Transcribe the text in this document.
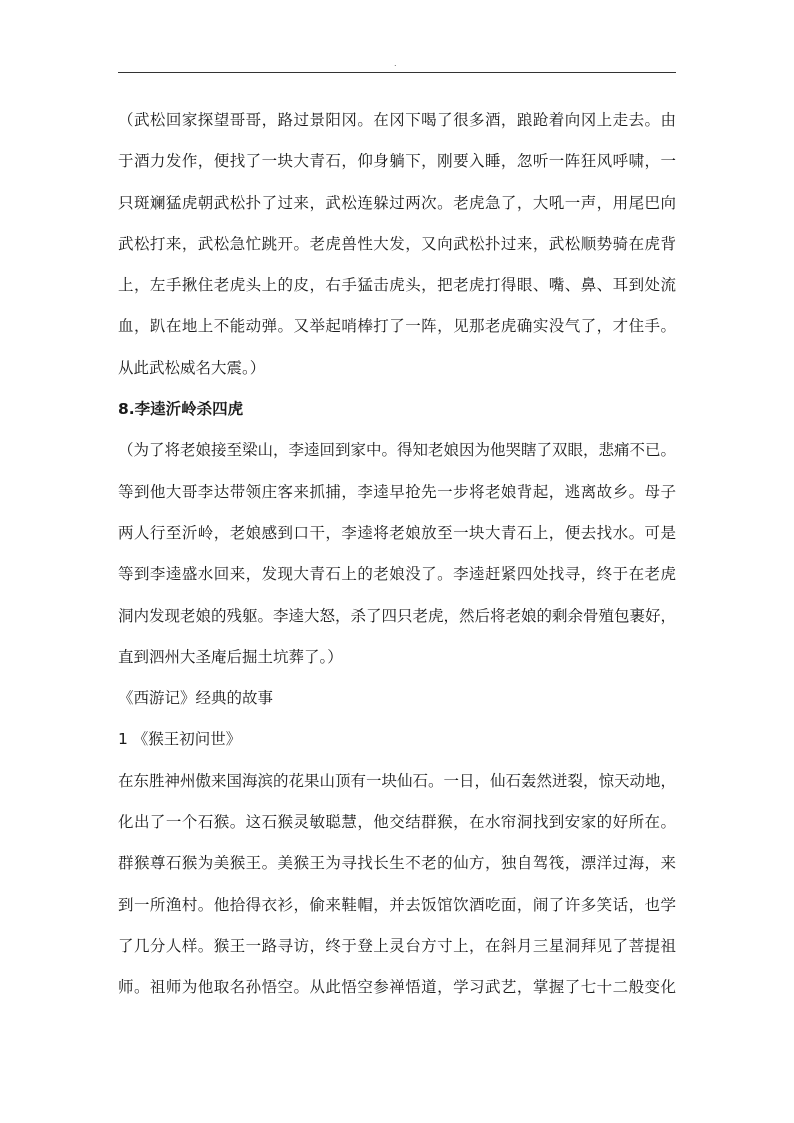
.
（武松回家探望哥哥，路过景阳冈。在冈下喝了很多酒，踉跄着向冈上走去。由
于酒力发作，便找了一块大青石，仰身躺下，刚要入睡，忽听一阵狂风呼啸，一
只斑斓猛虎朝武松扑了过来，武松连躲过两次。老虎急了，大吼一声，用尾巴向
武松打来，武松急忙跳开。老虎兽性大发，又向武松扑过来，武松顺势骑在虎背
上，左手揪住老虎头上的皮，右手猛击虎头，把老虎打得眼、嘴、鼻、耳到处流
血，趴在地上不能动弹。又举起哨棒打了一阵，见那老虎确实没气了，才住手。
从此武松威名大震。）
8.李逵沂岭杀四虎
（为了将老娘接至梁山，李逵回到家中。得知老娘因为他哭瞎了双眼，悲痛不已。
等到他大哥李达带领庄客来抓捕，李逵早抢先一步将老娘背起，逃离故乡。母子
两人行至沂岭，老娘感到口干，李逵将老娘放至一块大青石上，便去找水。可是
等到李逵盛水回来，发现大青石上的老娘没了。李逵赶紧四处找寻，终于在老虎
洞内发现老娘的残躯。李逵大怒，杀了四只老虎，然后将老娘的剩余骨殖包裹好，
直到泗州大圣庵后掘土坑葬了。）
《西游记》经典的故事
1 《猴王初问世》
在东胜神州傲来国海滨的花果山顶有一块仙石。一日，仙石轰然迸裂，惊天动地，
化出了一个石猴。这石猴灵敏聪慧，他交结群猴，在水帘洞找到安家的好所在。
群猴尊石猴为美猴王。美猴王为寻找长生不老的仙方，独自驾筏，漂洋过海，来
到一所渔村。他拾得衣衫，偷来鞋帽，并去饭馆饮酒吃面，闹了许多笑话，也学
了几分人样。猴王一路寻访，终于登上灵台方寸上，在斜月三星洞拜见了菩提祖
师。祖师为他取名孙悟空。从此悟空参禅悟道，学习武艺，掌握了七十二般变化
